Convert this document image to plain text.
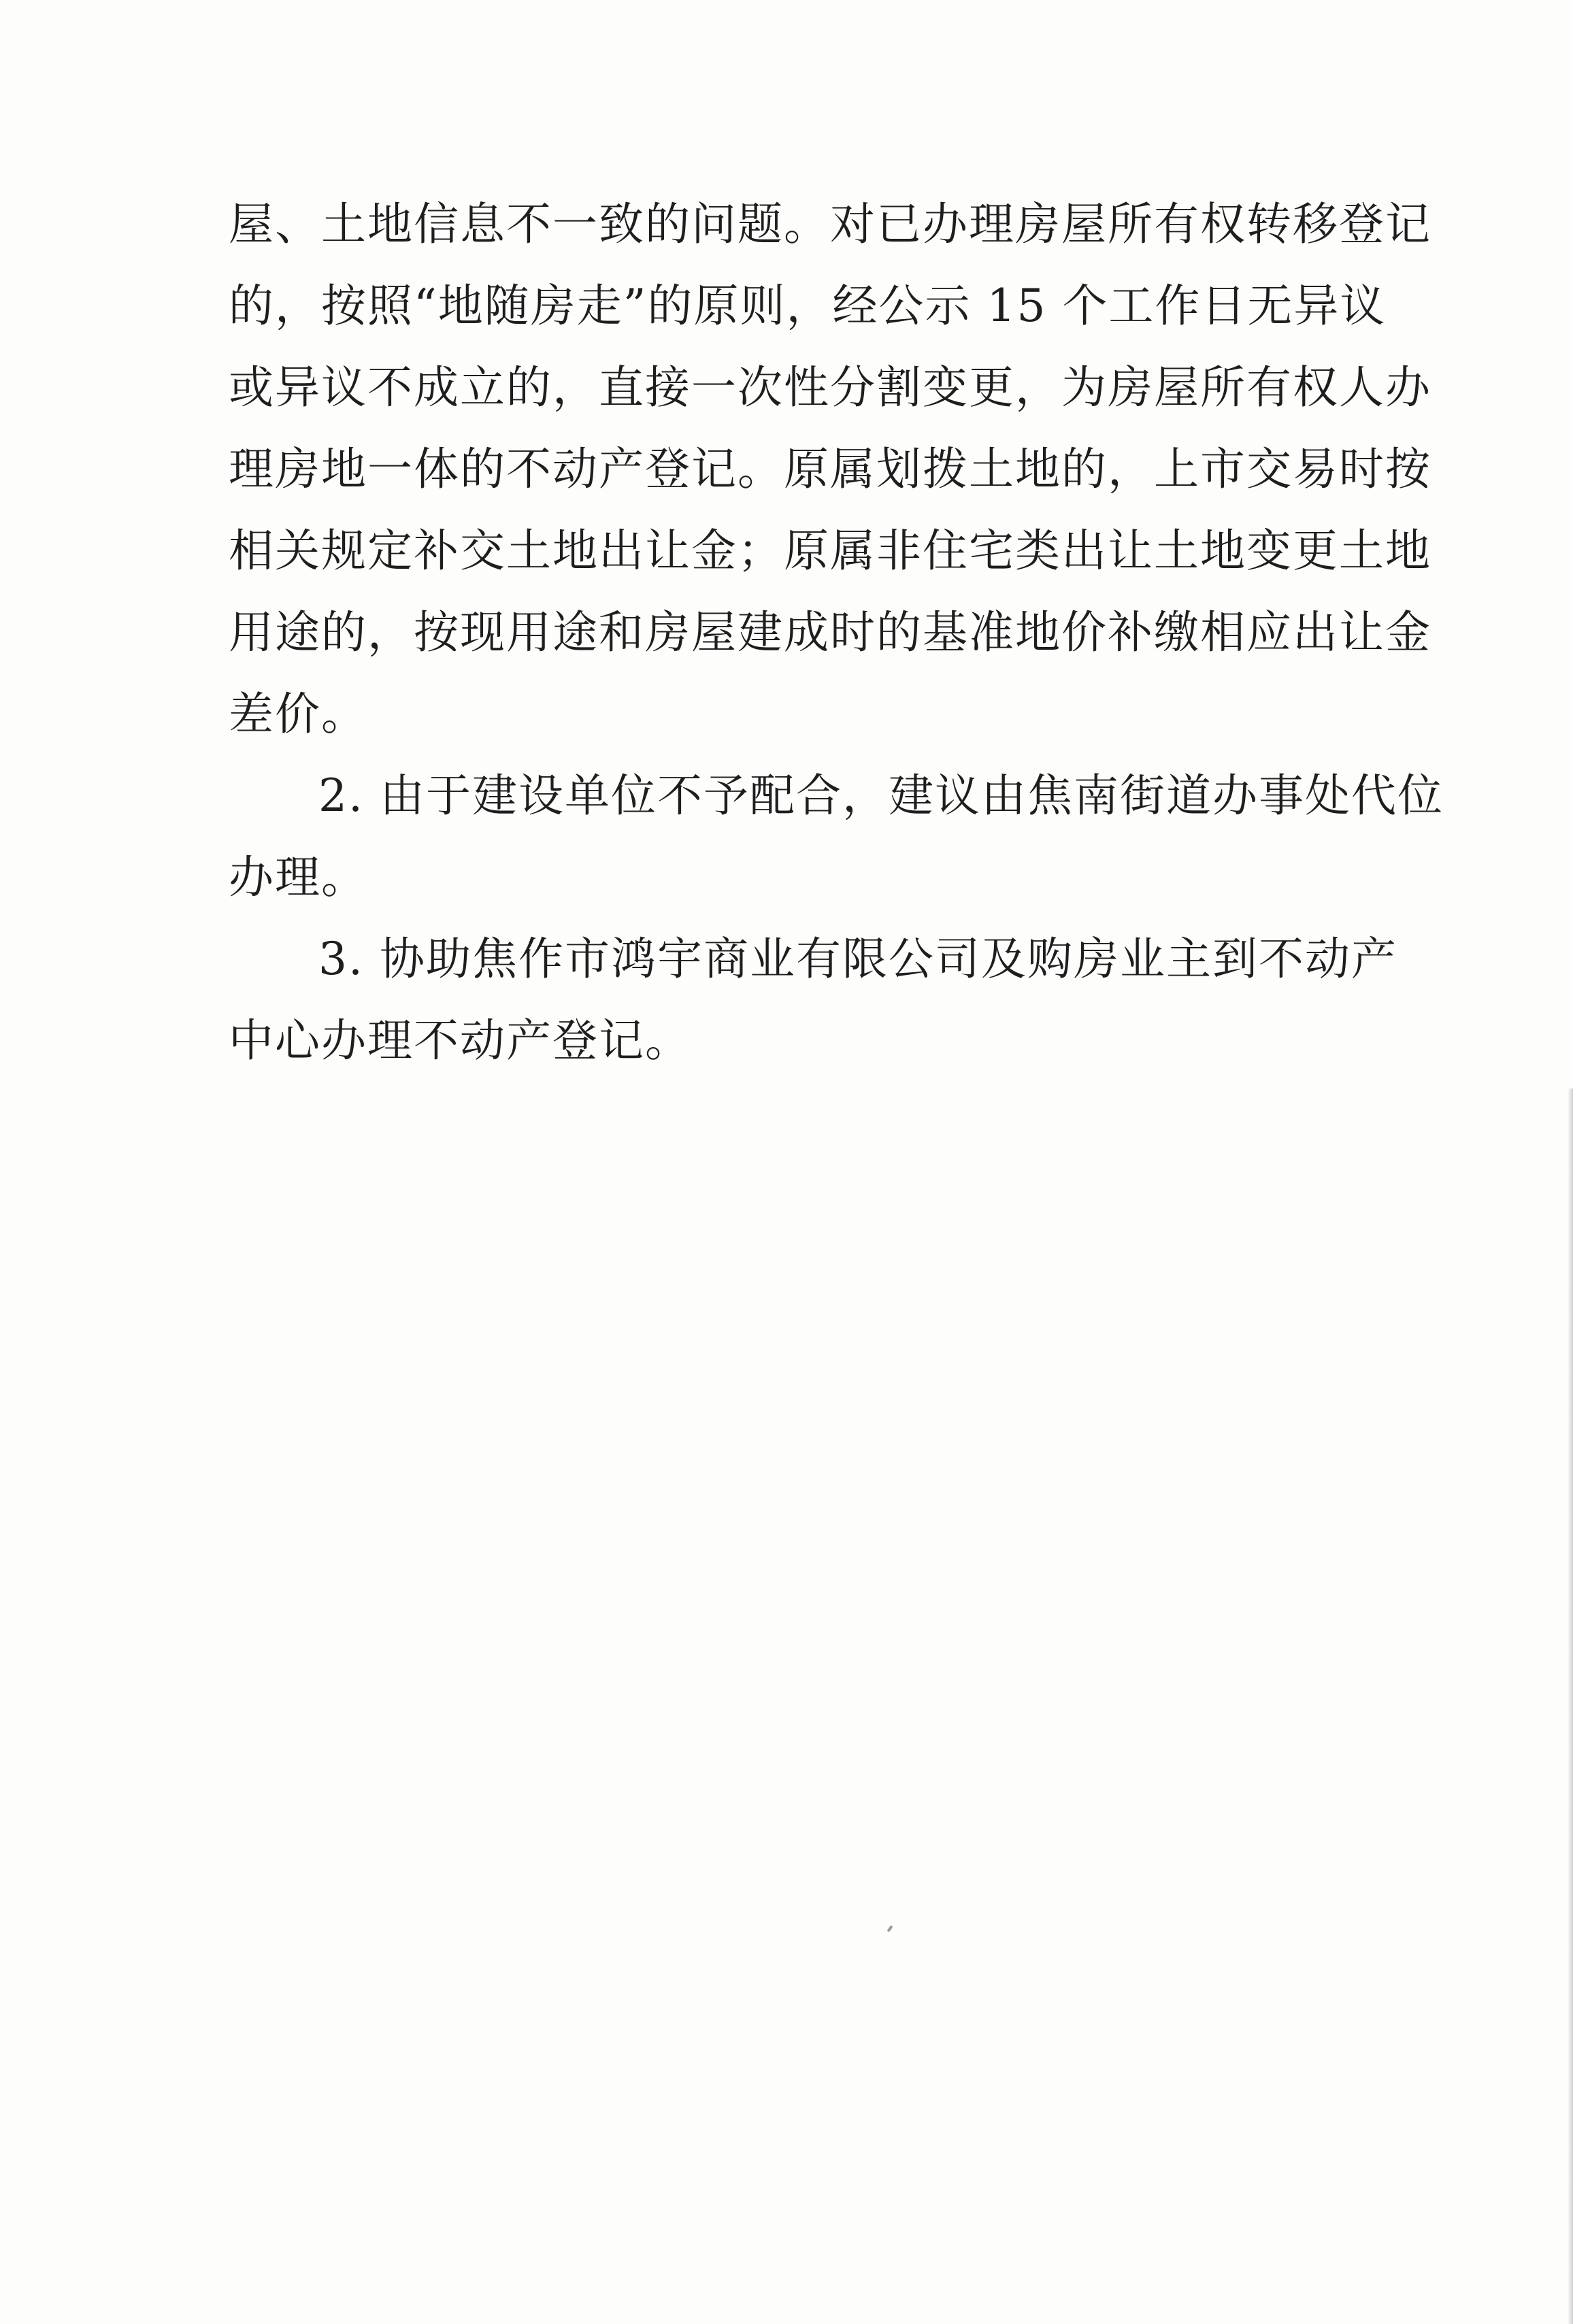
屋、土地信息不一致的问题。对已办理房屋所有权转移登记
的，按照“地随房走”的原则，经公示 15 个工作日无异议
或异议不成立的，直接一次性分割变更，为房屋所有权人办
理房地一体的不动产登记。原属划拨土地的，上市交易时按
相关规定补交土地出让金；原属非住宅类出让土地变更土地
用途的，按现用途和房屋建成时的基准地价补缴相应出让金
差价。
2. 由于建设单位不予配合，建议由焦南街道办事处代位
办理。
3. 协助焦作市鸿宇商业有限公司及购房业主到不动产
中心办理不动产登记。
